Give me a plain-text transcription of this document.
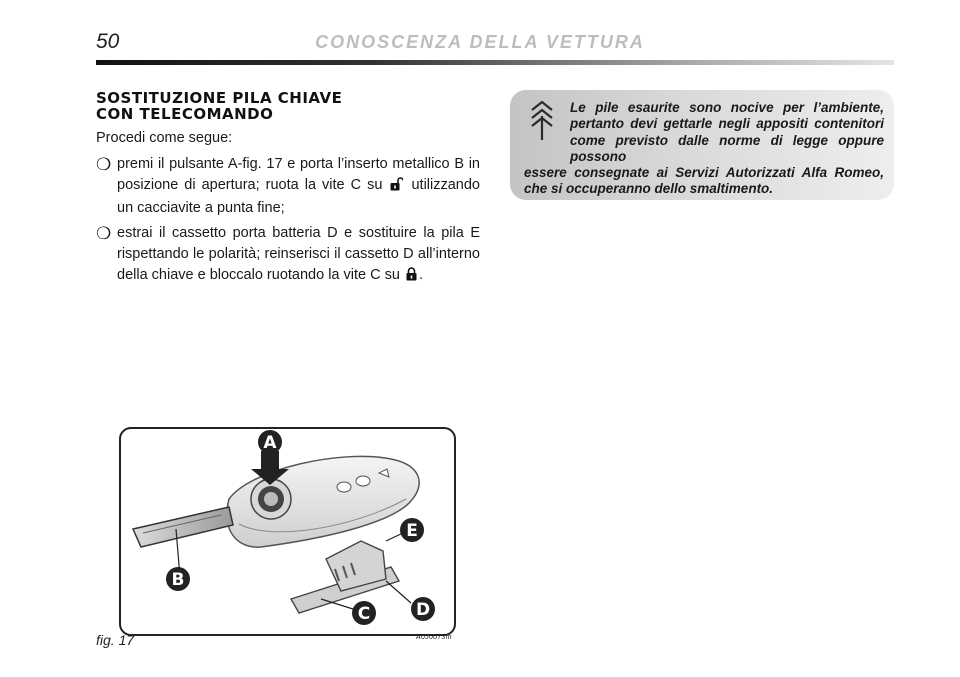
50	CONOSCENZA DELLA VETTURA
SOSTITUZIONE PILA CHIAVE
CON TELECOMANDO

Procedi come segue:

❍ premi il pulsante A-fig. 17 e porta l’inserto metallico B in posizione di apertura; ruota la vite C su utilizzando un cacciavite a punta fine;

❍ estrai il cassetto porta batteria D e sostituire la pila E rispettando le polarità; reinserisci il cassetto D all’interno della chiave e bloccalo ruotando la vite C su .

Le pile esaurite sono nocive per l’ambiente, pertanto devi gettarle negli appositi contenitori come previsto dalle norme di legge oppure possono
essere consegnate ai Servizi Autorizzati Alfa Romeo, che si occuperanno dello smaltimento.
A
B
C	D
E
fig. 17	A0J0073m
